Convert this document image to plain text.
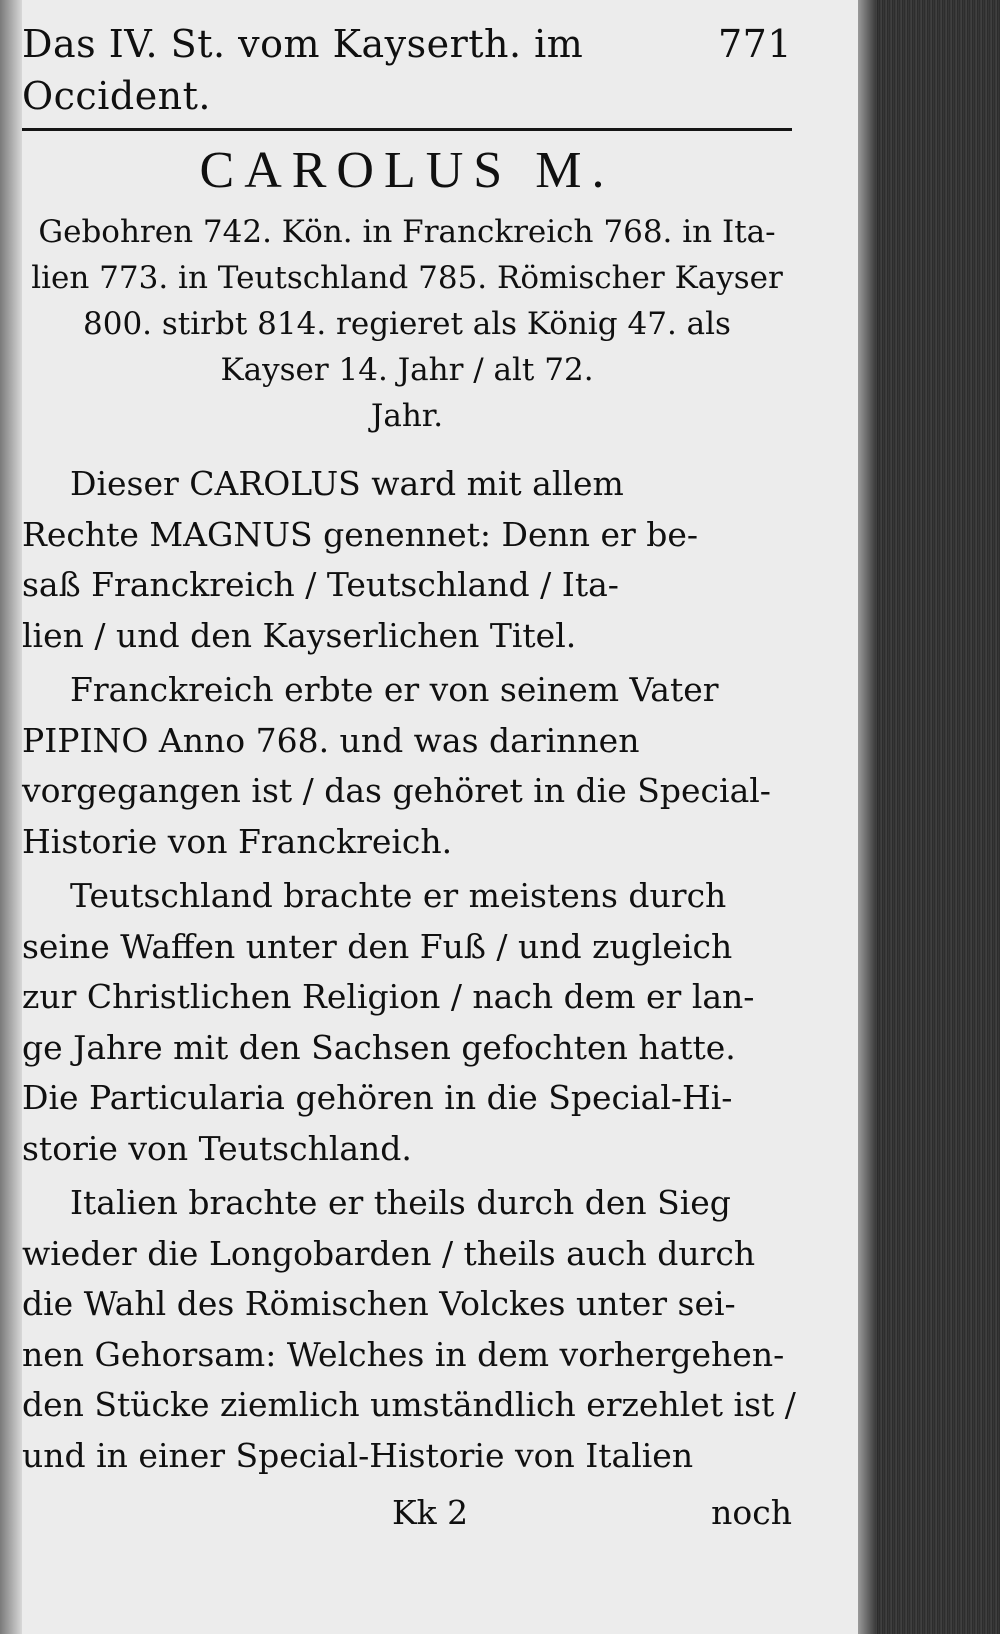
Das IV. St. vom Kayserth. im Occident.
771
CAROLUS M.
Gebohren 742. Kön. in Franckreich 768. in Ita-
lien 773. in Teutschland 785. Römischer Kayser
800. stirbt 814. regieret als König 47. als
Kayser 14. Jahr / alt 72.
Jahr.
Dieser CAROLUS ward mit allem
Rechte MAGNUS genennet: Denn er be-
saß Franckreich / Teutschland / Ita-
lien / und den Kayserlichen Titel.
Franckreich erbte er von seinem Vater
PIPINO Anno 768. und was darinnen
vorgegangen ist / das gehöret in die Special-
Historie von Franckreich.
Teutschland brachte er meistens durch
seine Waffen unter den Fuß / und zugleich
zur Christlichen Religion / nach dem er lan-
ge Jahre mit den Sachsen gefochten hatte.
Die Particularia gehören in die Special-Hi-
storie von Teutschland.
Italien brachte er theils durch den Sieg
wieder die Longobarden / theils auch durch
die Wahl des Römischen Volckes unter sei-
nen Gehorsam: Welches in dem vorhergehen-
den Stücke ziemlich umständlich erzehlet ist /
und in einer Special-Historie von Italien
Kk 2	noch
